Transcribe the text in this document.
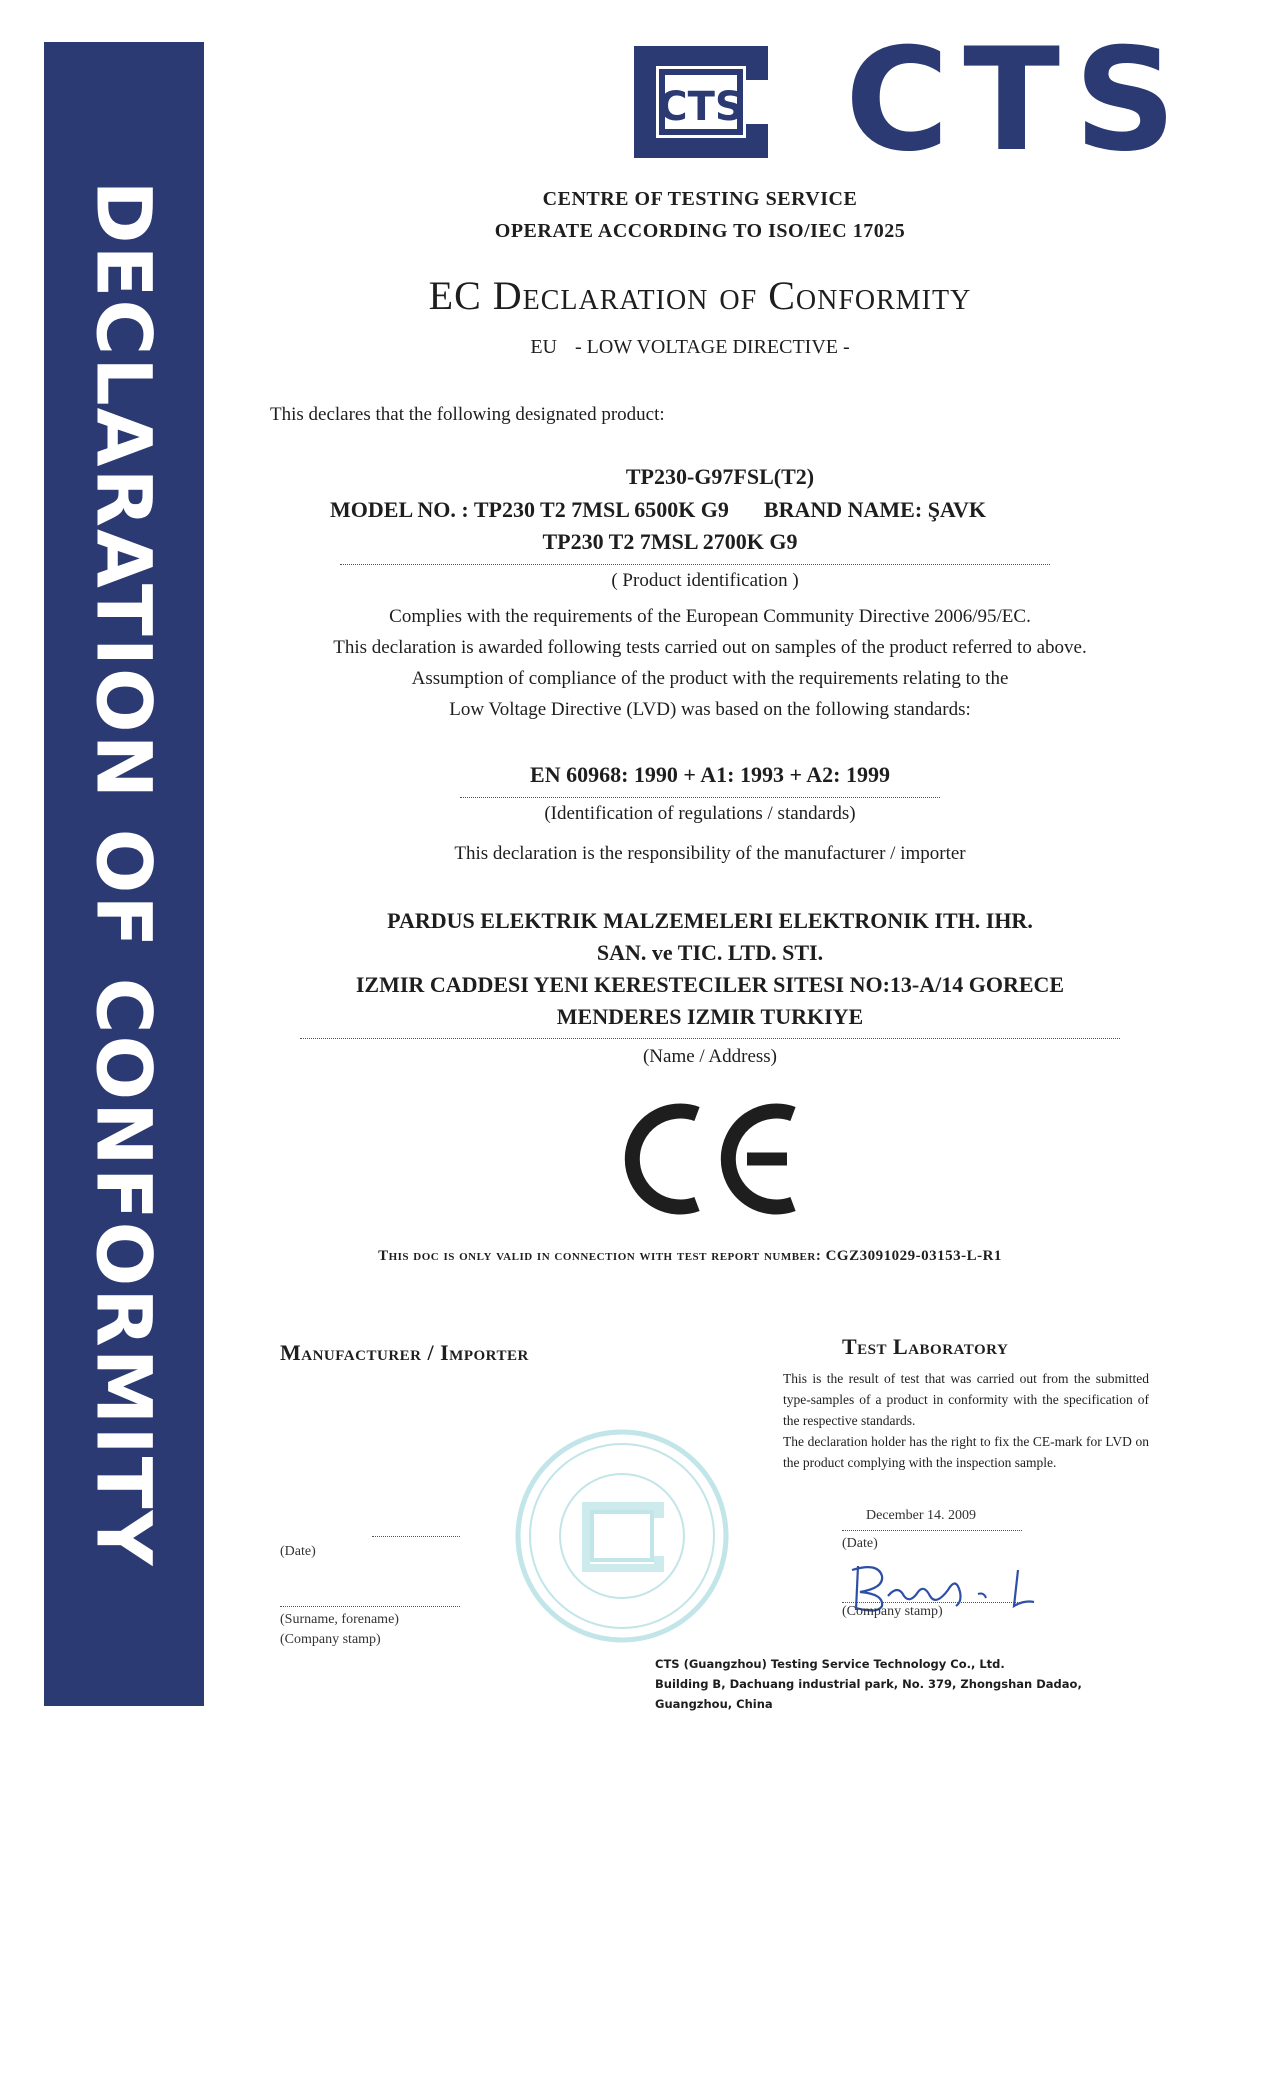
DECLARATION OF CONFORMITY
CTS CTS
CENTRE OF TESTING SERVICE
OPERATE ACCORDING TO ISO/IEC 17025
EC Declaration of Conformity
EU - LOW VOLTAGE DIRECTIVE -
This declares that the following designated product:
TP230-G97FSL(T2)
MODEL NO. : TP230 T2 7MSL 6500K G9 BRAND NAME: ŞAVK
TP230 T2 7MSL 2700K G9
( Product identification )
Complies with the requirements of the European Community Directive 2006/95/EC.
This declaration is awarded following tests carried out on samples of the product referred to above.
Assumption of compliance of the product with the requirements relating to the
Low Voltage Directive (LVD) was based on the following standards:
EN 60968: 1990 + A1: 1993 + A2: 1999
(Identification of regulations / standards)
This declaration is the responsibility of the manufacturer / importer
PARDUS ELEKTRIK MALZEMELERI ELEKTRONIK ITH. IHR.
SAN. ve TIC. LTD. STI.
IZMIR CADDESI YENI KERESTECILER SITESI NO:13-A/14 GORECE
MENDERES IZMIR TURKIYE
(Name / Address)
This doc is only valid in connection with test report number: CGZ3091029-03153-L-R1
Manufacturer / Importer
(Date)
(Surname, forename)
(Company stamp)
Test Laboratory
This is the result of test that was carried out from the submitted type-samples of a product in conformity with the specification of the respective standards.
The declaration holder has the right to fix the CE-mark for LVD on the product complying with the inspection sample.
December 14. 2009
(Date)
(Company stamp)
CTS (Guangzhou) Testing Service Technology Co., Ltd.
Building B, Dachuang industrial park, No. 379, Zhongshan Dadao,
Guangzhou, China
